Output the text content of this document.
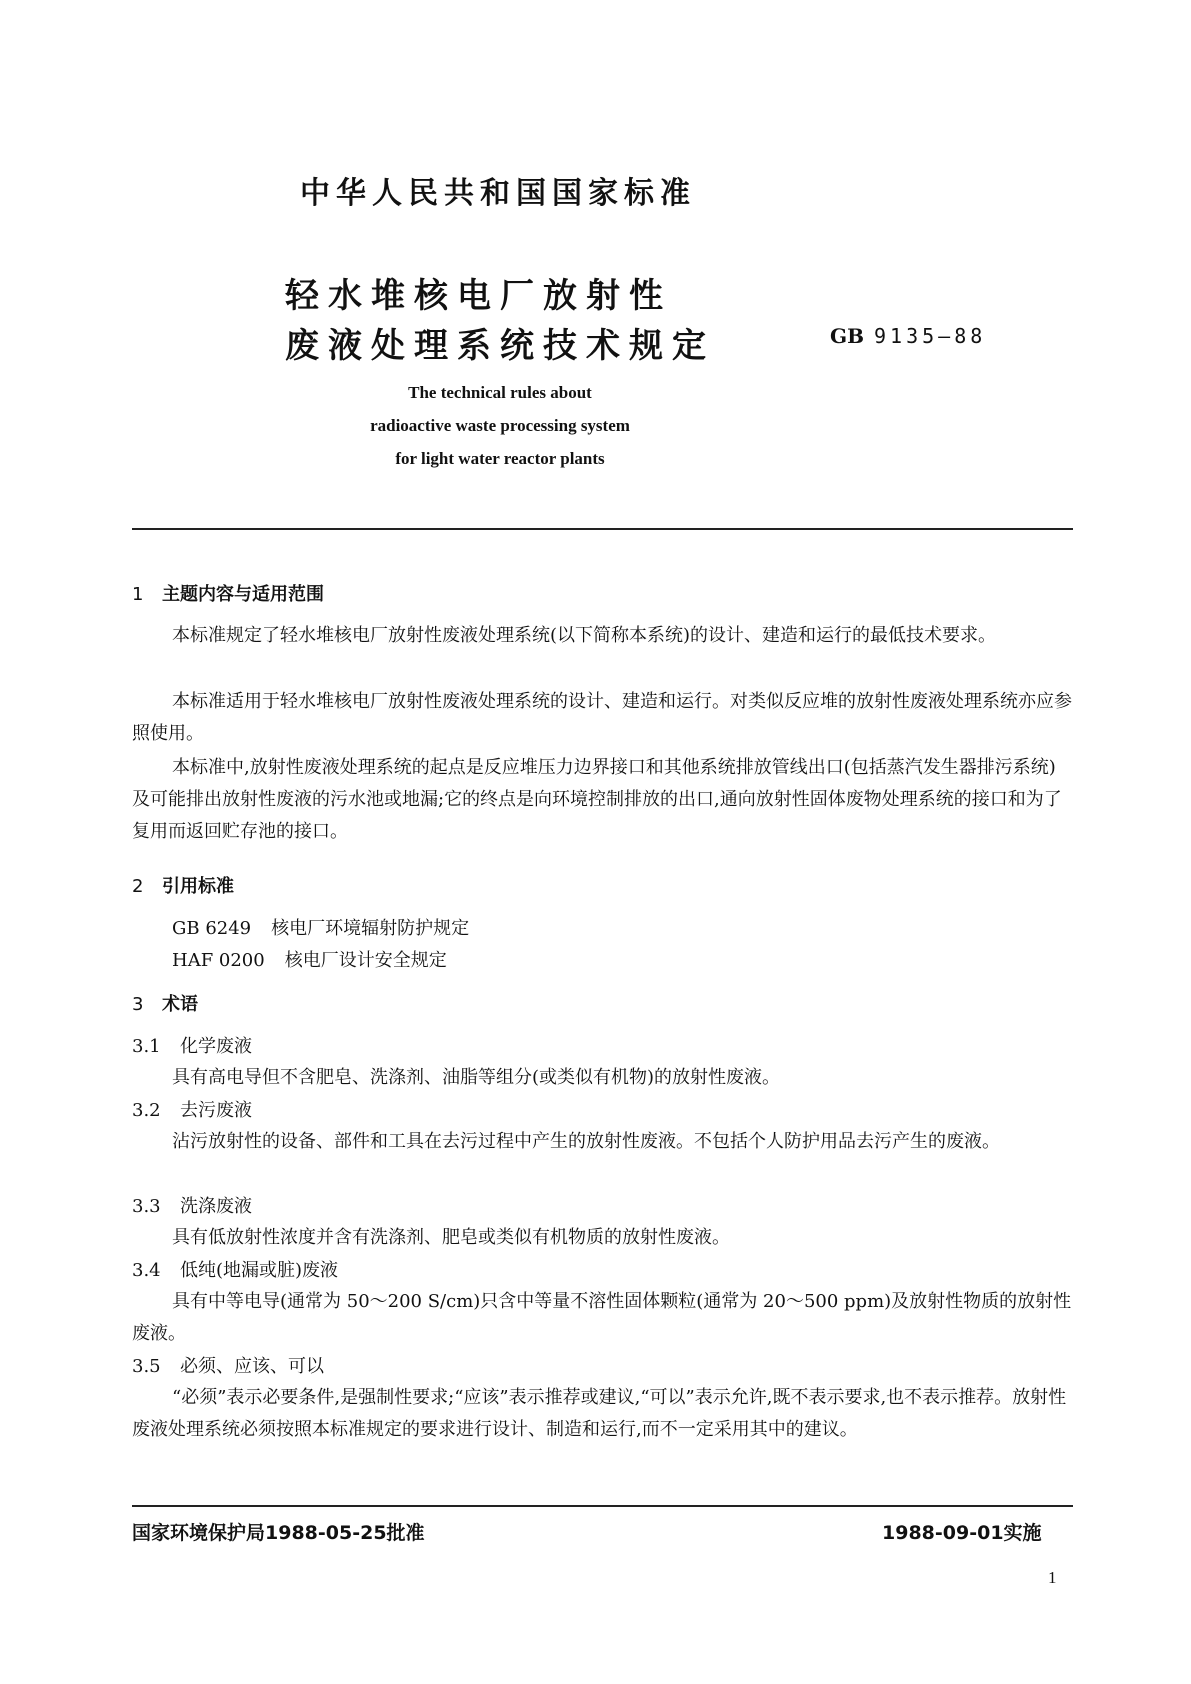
中华人民共和国国家标准
轻水堆核电厂放射性
废液处理系统技术规定	GB 9135—88
The technical rules about
radioactive waste processing system
for light water reactor plants
1 主题内容与适用范围

本标准规定了轻水堆核电厂放射性废液处理系统(以下简称本系统)的设计、建造和运行的最低技术要求。

本标准适用于轻水堆核电厂放射性废液处理系统的设计、建造和运行。对类似反应堆的放射性废液处理系统亦应参照使用。

本标准中,放射性废液处理系统的起点是反应堆压力边界接口和其他系统排放管线出口(包括蒸汽发生器排污系统)及可能排出放射性废液的污水池或地漏;它的终点是向环境控制排放的出口,通向放射性固体废物处理系统的接口和为了复用而返回贮存池的接口。

2 引用标准
GB 6249 核电厂环境辐射防护规定
HAF 0200 核电厂设计安全规定
3 术语
3.1 化学废液

具有高电导但不含肥皂、洗涤剂、油脂等组分(或类似有机物)的放射性废液。

3.2 去污废液

沾污放射性的设备、部件和工具在去污过程中产生的放射性废液。不包括个人防护用品去污产生的废液。

3.3 洗涤废液

具有低放射性浓度并含有洗涤剂、肥皂或类似有机物质的放射性废液。

3.4 低纯(地漏或脏)废液

具有中等电导(通常为 50～200 S/cm)只含中等量不溶性固体颗粒(通常为 20～500 ppm)及放射性物质的放射性废液。

3.5 必须、应该、可以

“必须”表示必要条件,是强制性要求;“应该”表示推荐或建议,“可以”表示允许,既不表示要求,也不表示推荐。放射性废液处理系统必须按照本标准规定的要求进行设计、制造和运行,而不一定采用其中的建议。

国家环境保护局1988-05-25批准	1988-09-01实施
1
